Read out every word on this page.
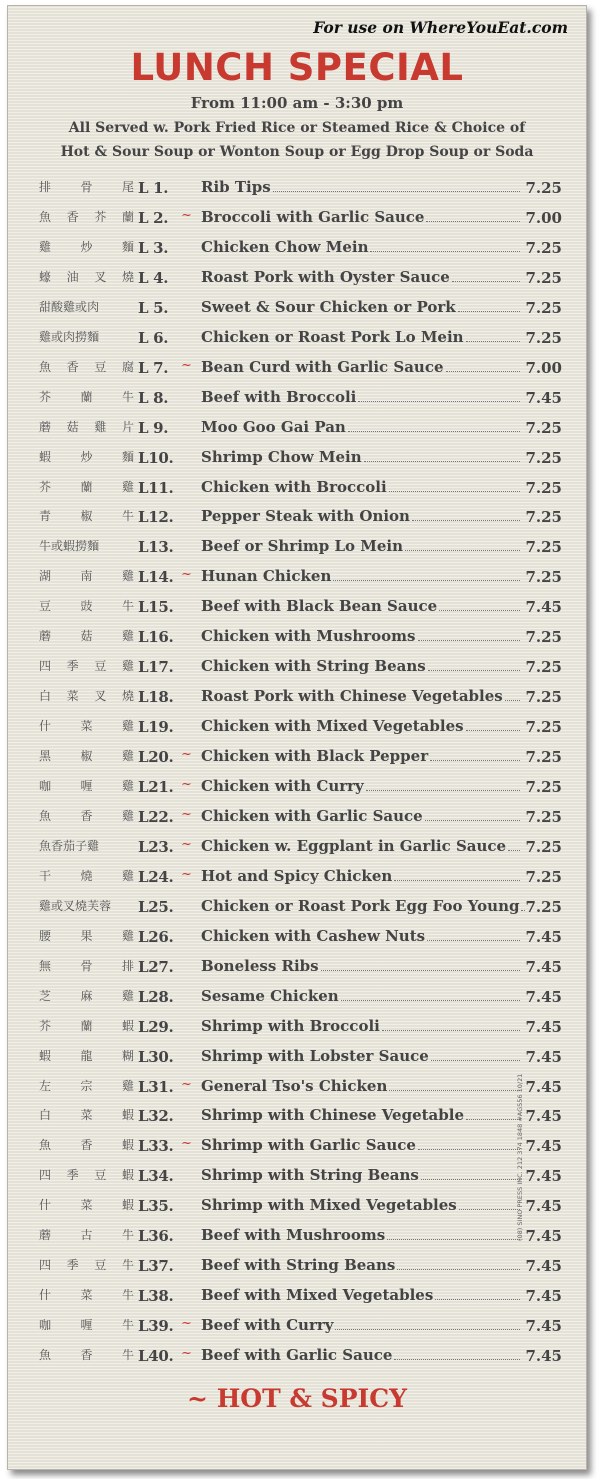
For use on WhereYouEat.com
LUNCH SPECIAL
From 11:00 am - 3:30 pm
All Served w. Pork Fried Rice or Steamed Rice & Choice of
Hot & Sour Soup or Wonton Soup or Egg Drop Soup or Soda
排 骨 尾 L 1.	Rib Tips	7.25
魚 香 芥 蘭 L 2. ~ Broccoli with Garlic Sauce	7.00
雞 炒 麵 L 3.	Chicken Chow Mein	7.25
蠔 油 叉 燒 L 4.	Roast Pork with Oyster Sauce	7.25
甜 酸 雞 或 肉	L 5.	Sweet & Sour Chicken or Pork	7.25
雞 或 肉 撈 麵	L 6.	Chicken or Roast Pork Lo Mein	7.25
魚 香 豆 腐 L 7. ~ Bean Curd with Garlic Sauce	7.00
芥 蘭 牛 L 8.	Beef with Broccoli	7.45
蘑 菇 雞 片 L 9.	Moo Goo Gai Pan	7.25
蝦 炒 麵 L10.	Shrimp Chow Mein	7.25
芥 蘭 雞 L11.	Chicken with Broccoli	7.25
青 椒 牛 L12.	Pepper Steak with Onion	7.25
牛 或 蝦 撈 麵	L13.	Beef or Shrimp Lo Mein	7.25
湖 南 雞 L14. ~ Hunan Chicken	7.25
豆 豉 牛 L15.	Beef with Black Bean Sauce	7.45
蘑 菇 雞 L16.	Chicken with Mushrooms	7.25
四 季 豆 雞 L17.	Chicken with String Beans	7.25
白 菜 叉 燒 L18.	Roast Pork with Chinese Vegetables	7.25
什 菜 雞 L19.	Chicken with Mixed Vegetables	7.25
黑 椒 雞 L20. ~ Chicken with Black Pepper	7.25
咖 喱 雞 L21. ~ Chicken with Curry	7.25
魚 香 雞 L22. ~ Chicken with Garlic Sauce	7.25
魚 香 茄 子 雞	L23. ~ Chicken w. Eggplant in Garlic Sauce	7.25
干 燒 雞 L24. ~ Hot and Spicy Chicken	7.25
雞 或 叉 燒 芙 蓉 L25.	Chicken or Roast Pork Egg Foo Young 7.25
腰 果 雞 L26.	Chicken with Cashew Nuts	7.45
無 骨 排 L27.	Boneless Ribs	7.45
芝 麻 雞 L28.	Sesame Chicken	7.45
芥 蘭 蝦 L29.	Shrimp with Broccoli	7.45
蝦 龍 糊 L30.	Shrimp with Lobster Sauce	7.45
左 宗 雞 L31. ~ General Tso's Chicken	7.45
白 菜 蝦 L32.	Shrimp with Chinese Vegetable	7.45
魚 香 蝦 L33. ~ Shrimp with Garlic Sauce	7.45
四 季 豆 蝦 L34.	Shrimp with String Beans	7.45
什 菜 蝦 L35.	Shrimp with Mixed Vegetables	7.45
蘑 古 牛 L36.	Beef with Mushrooms	7.45
四 季 豆 牛 L37.	Beef with String Beans	7.45
什 菜 牛 L38.	Beef with Mixed Vegetables	7.45
咖 喱 牛 L39. ~ Beef with Curry	7.45
魚 香 牛 L40. ~ Beef with Garlic Sauce	7.45
~ HOT & SPICY
(08) SINO PRESS INC. 212 374 1848 #AG556 10/21
